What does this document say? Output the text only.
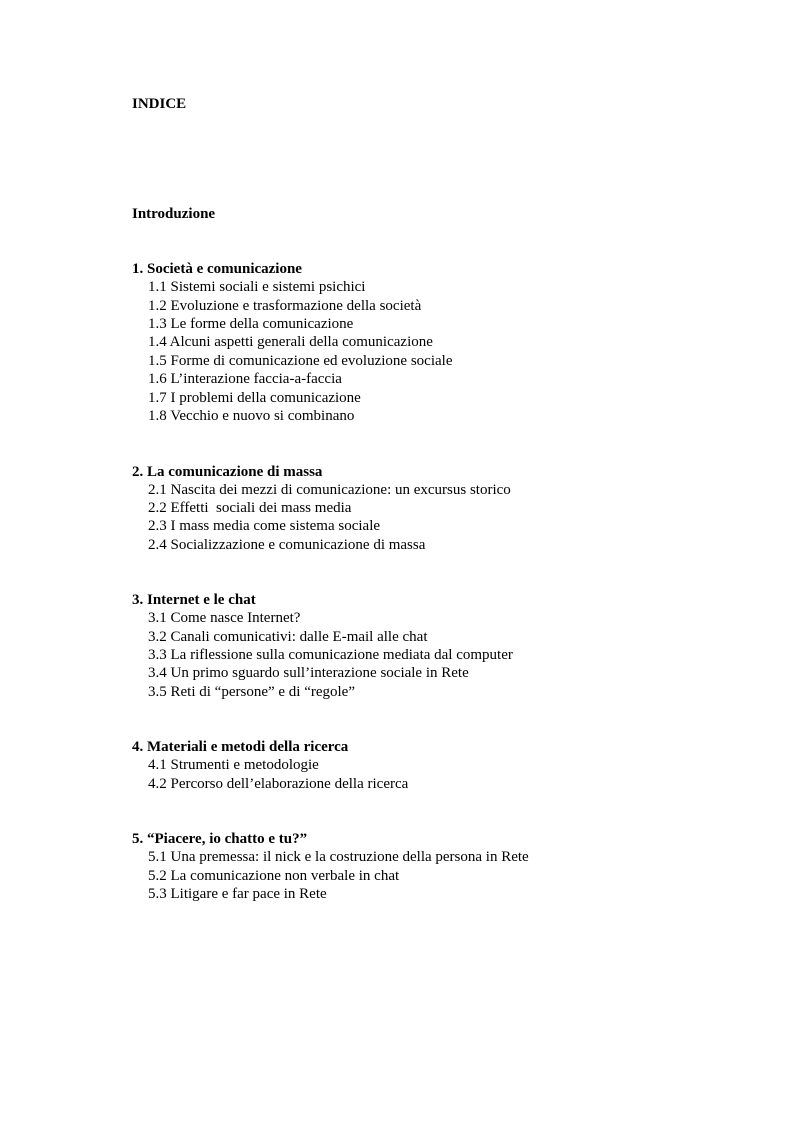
INDICE
Introduzione
1. Società e comunicazione
1.1 Sistemi sociali e sistemi psichici
1.2 Evoluzione e trasformazione della società
1.3 Le forme della comunicazione
1.4 Alcuni aspetti generali della comunicazione
1.5 Forme di comunicazione ed evoluzione sociale
1.6 L’interazione faccia-a-faccia
1.7 I problemi della comunicazione
1.8 Vecchio e nuovo si combinano
2. La comunicazione di massa
2.1 Nascita dei mezzi di comunicazione: un excursus storico
2.2 Effetti  sociali dei mass media
2.3 I mass media come sistema sociale
2.4 Socializzazione e comunicazione di massa
3. Internet e le chat
3.1 Come nasce Internet?
3.2 Canali comunicativi: dalle E-mail alle chat
3.3 La riflessione sulla comunicazione mediata dal computer
3.4 Un primo sguardo sull’interazione sociale in Rete
3.5 Reti di “persone” e di “regole”
4. Materiali e metodi della ricerca
4.1 Strumenti e metodologie
4.2 Percorso dell’elaborazione della ricerca
5. “Piacere, io chatto e tu?”
5.1 Una premessa: il nick e la costruzione della persona in Rete
5.2 La comunicazione non verbale in chat
5.3 Litigare e far pace in Rete
